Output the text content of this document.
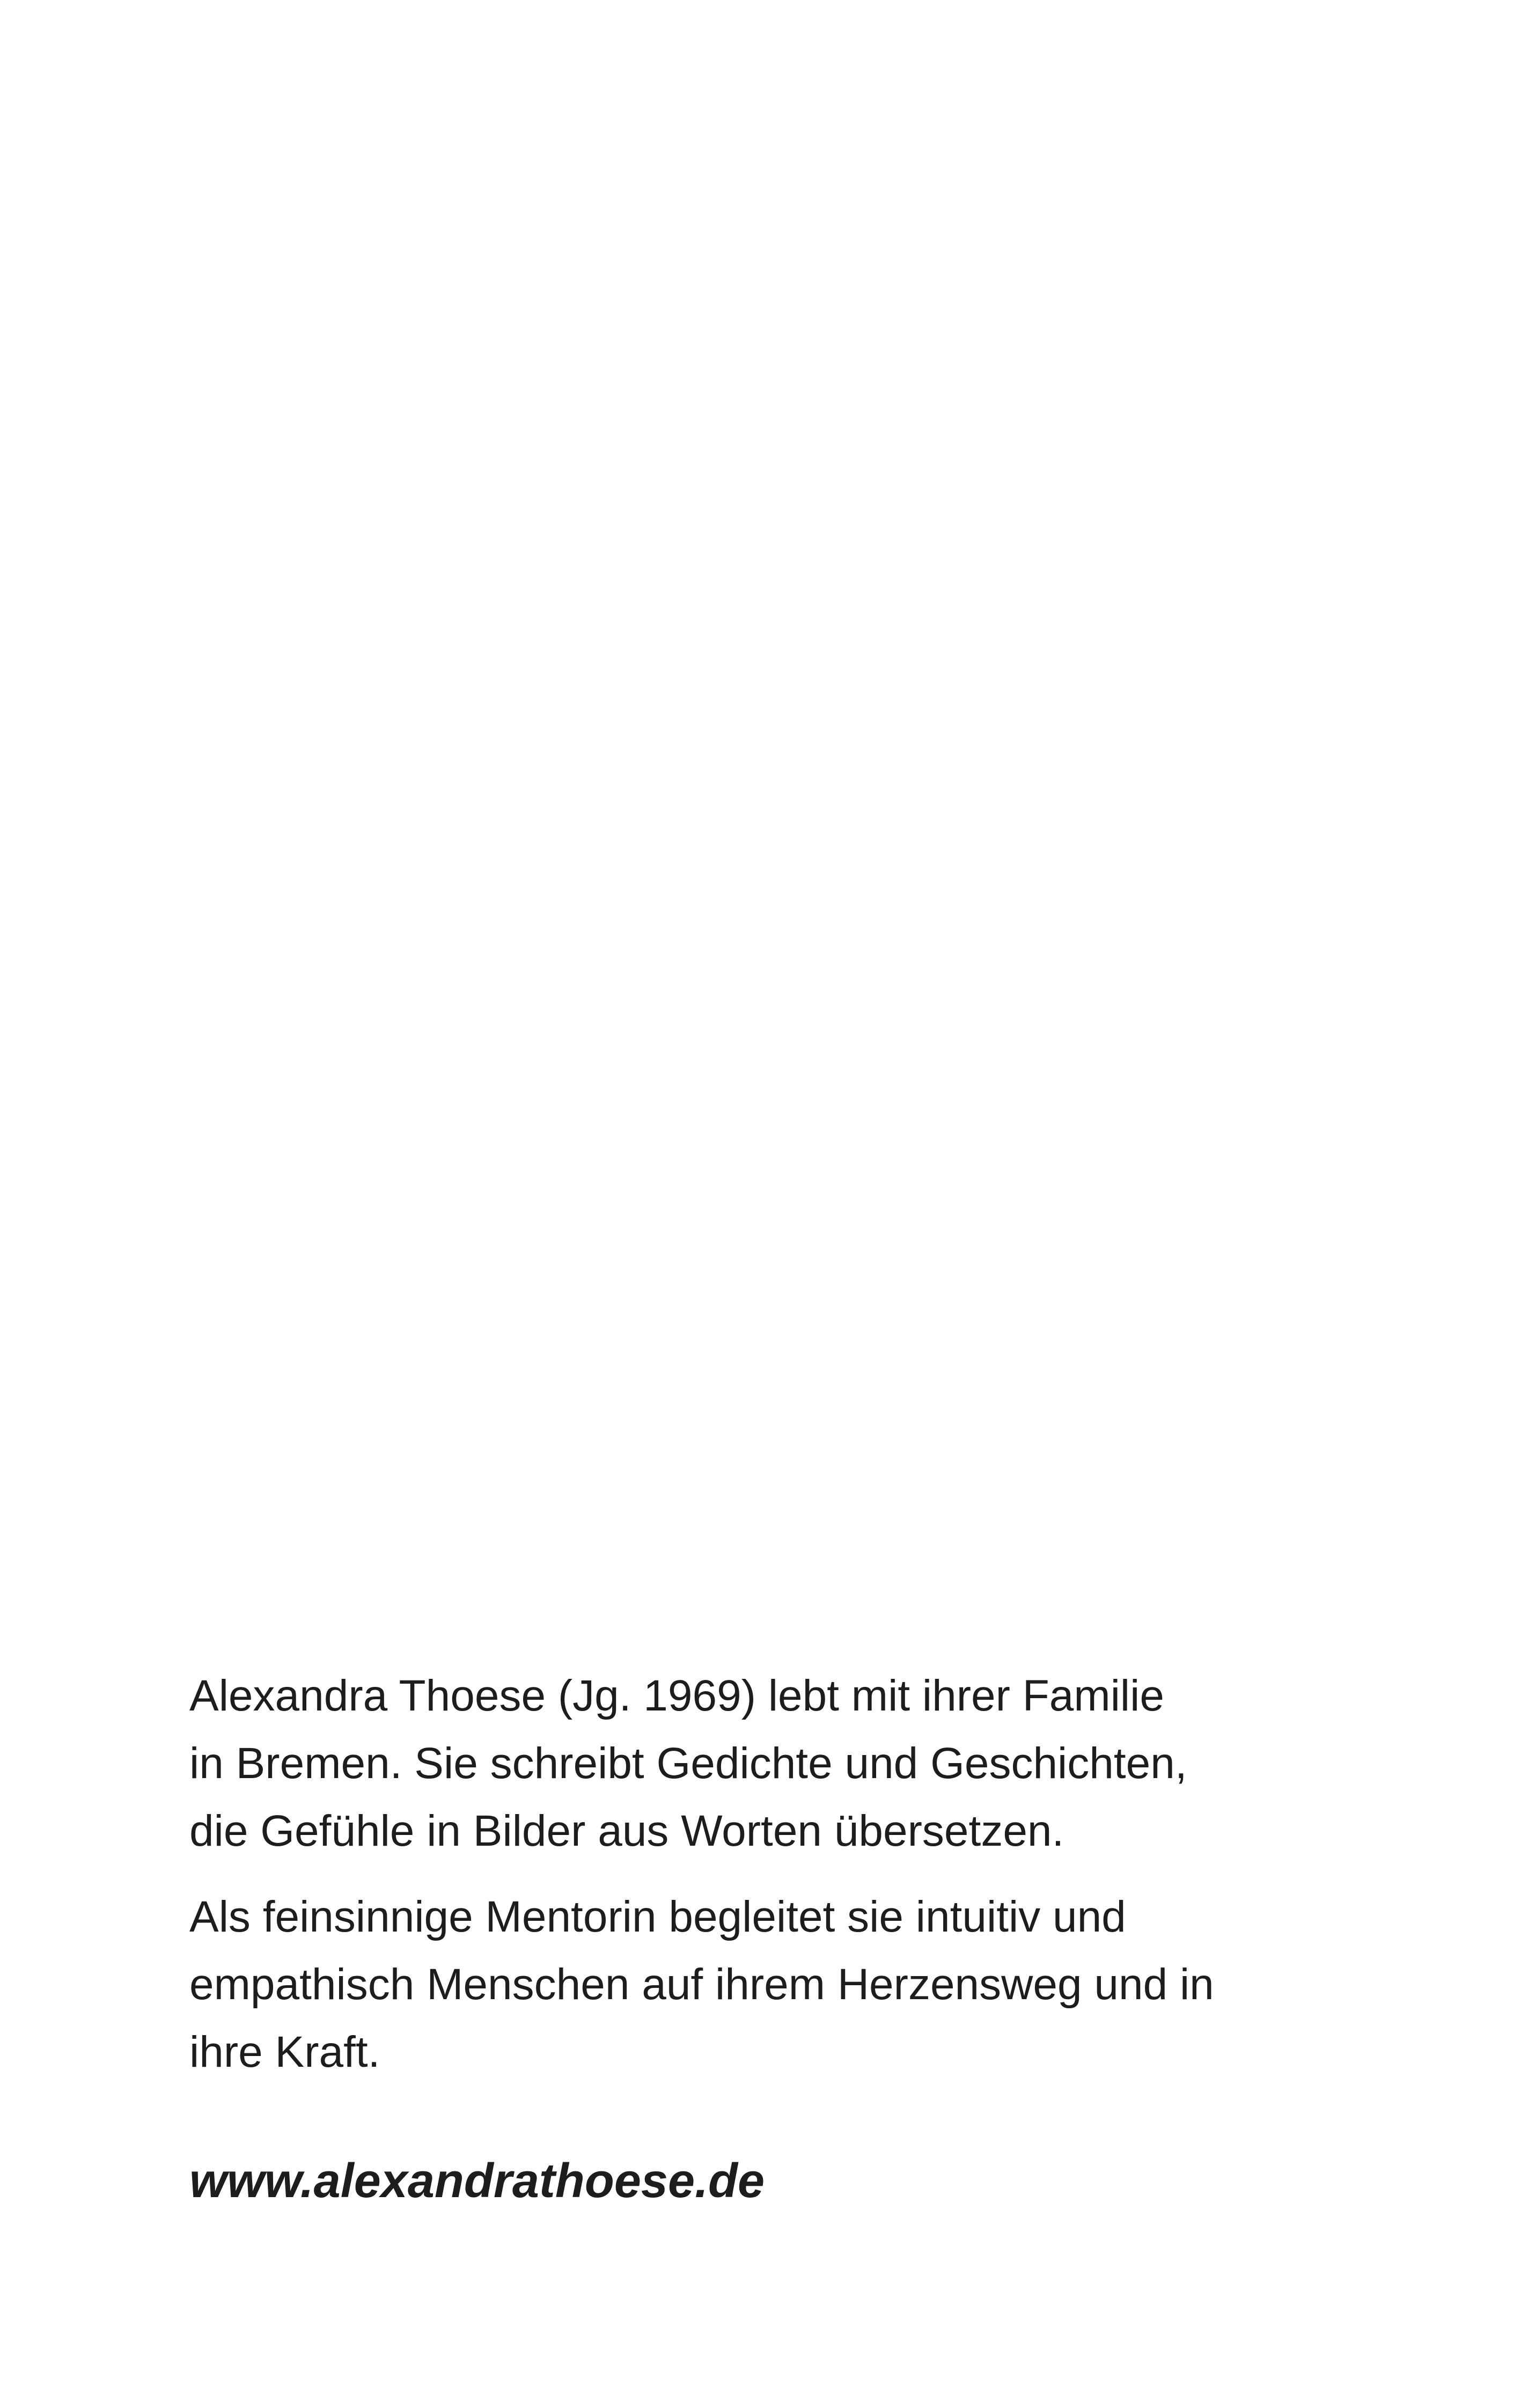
Alexandra Thoese (Jg. 1969) lebt mit ihrer Familie
in Bremen. Sie schreibt Gedichte und Geschichten,
die Gefühle in Bilder aus Worten übersetzen.

Als feinsinnige Mentorin begleitet sie intuitiv und
empathisch Menschen auf ihrem Herzensweg und in
ihre Kraft.

www.alexandrathoese.de
